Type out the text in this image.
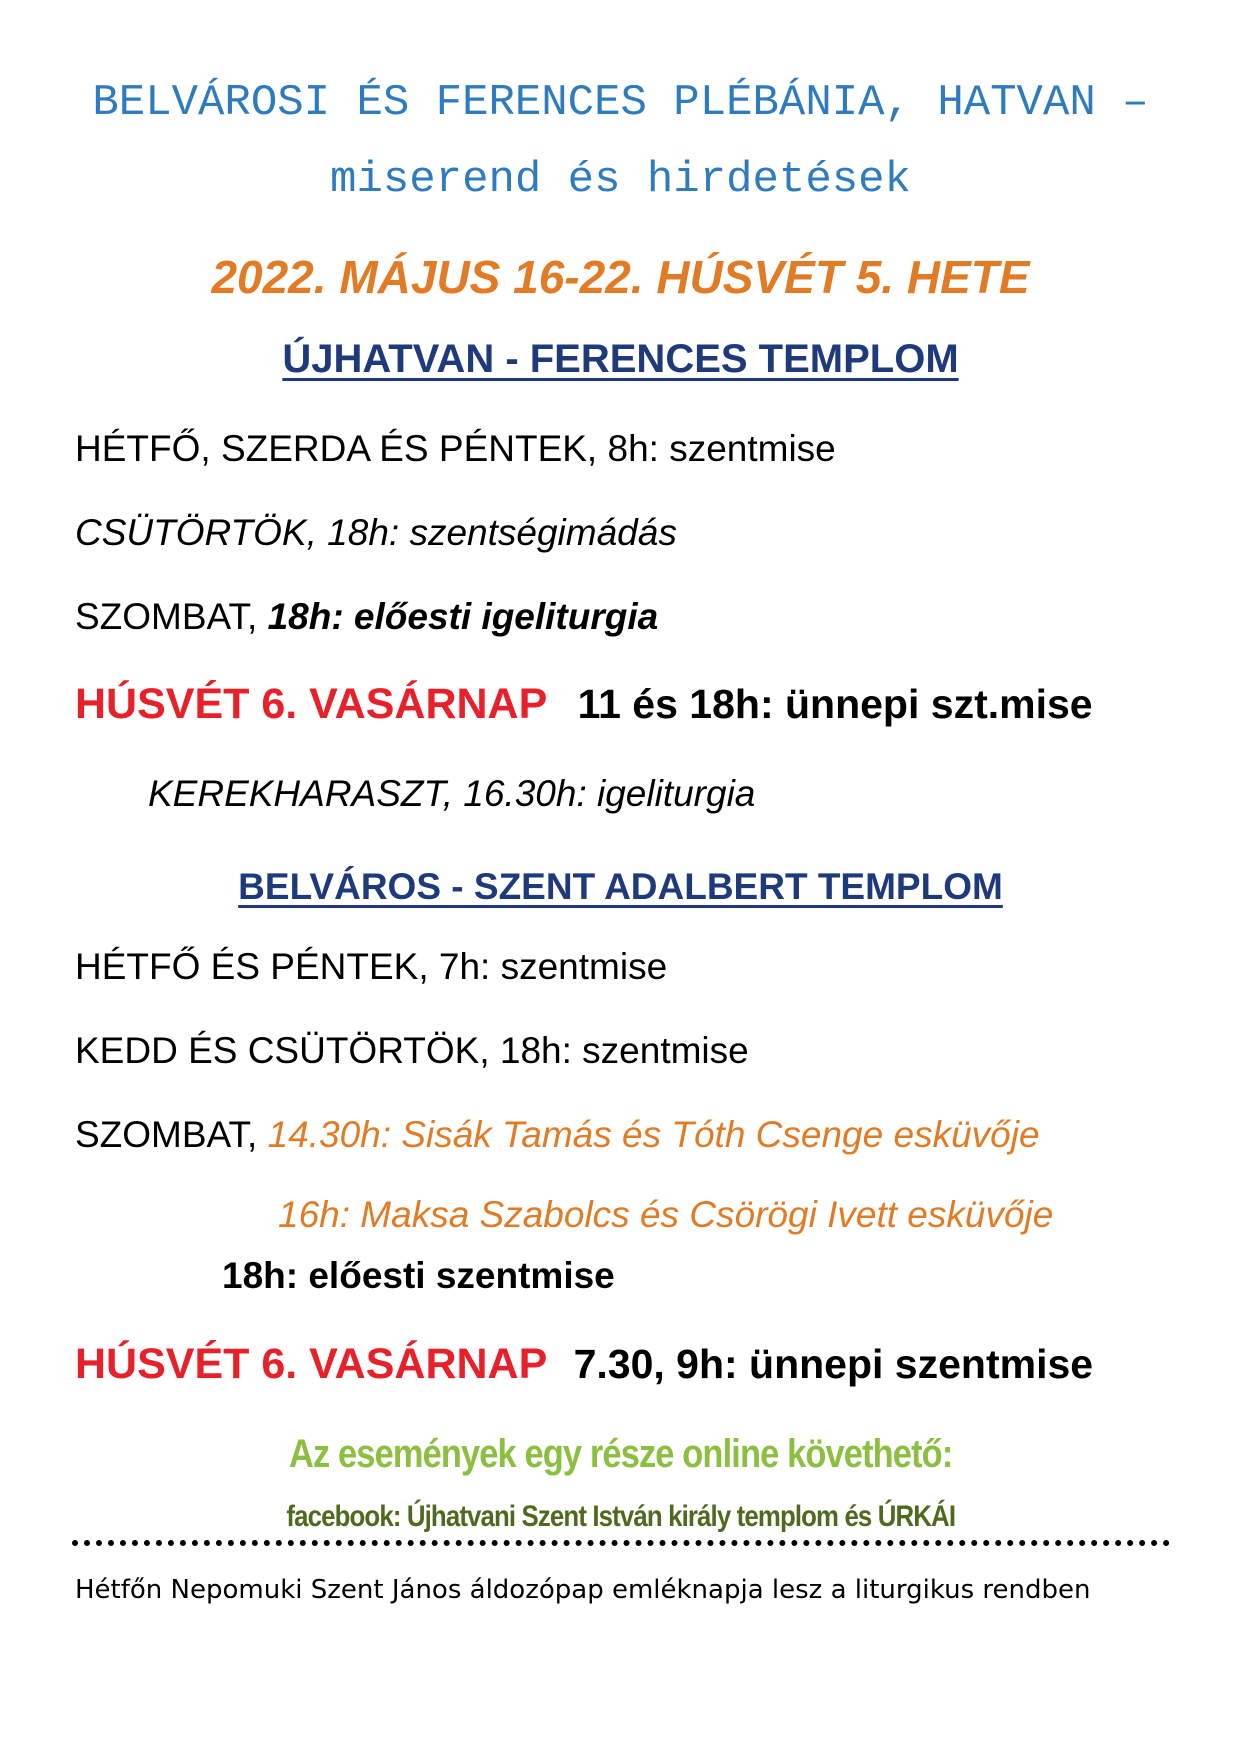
BELVÁROSI ÉS FERENCES PLÉBÁNIA, HATVAN –
miserend és hirdetések
2022. MÁJUS 16-22. HÚSVÉT 5. HETE
ÚJHATVAN - FERENCES TEMPLOM
HÉTFŐ, SZERDA ÉS PÉNTEK, 8h: szentmise
CSÜTÖRTÖK, 18h: szentségimádás
SZOMBAT, 18h: előesti igeliturgia
HÚSVÉT 6. VASÁRNAP 11 és 18h: ünnepi szt.mise
KEREKHARASZT, 16.30h: igeliturgia
BELVÁROS - SZENT ADALBERT TEMPLOM
HÉTFŐ ÉS PÉNTEK, 7h: szentmise
KEDD ÉS CSÜTÖRTÖK, 18h: szentmise
SZOMBAT, 14.30h: Sisák Tamás és Tóth Csenge esküvője
16h: Maksa Szabolcs és Csörögi Ivett esküvője
18h: előesti szentmise
HÚSVÉT 6. VASÁRNAP 7.30, 9h: ünnepi szentmise
Az események egy része online követhető:
facebook: Újhatvani Szent István király templom és ÚRKÁI
Hétfőn Nepomuki Szent János áldozópap emléknapja lesz a liturgikus rendben
